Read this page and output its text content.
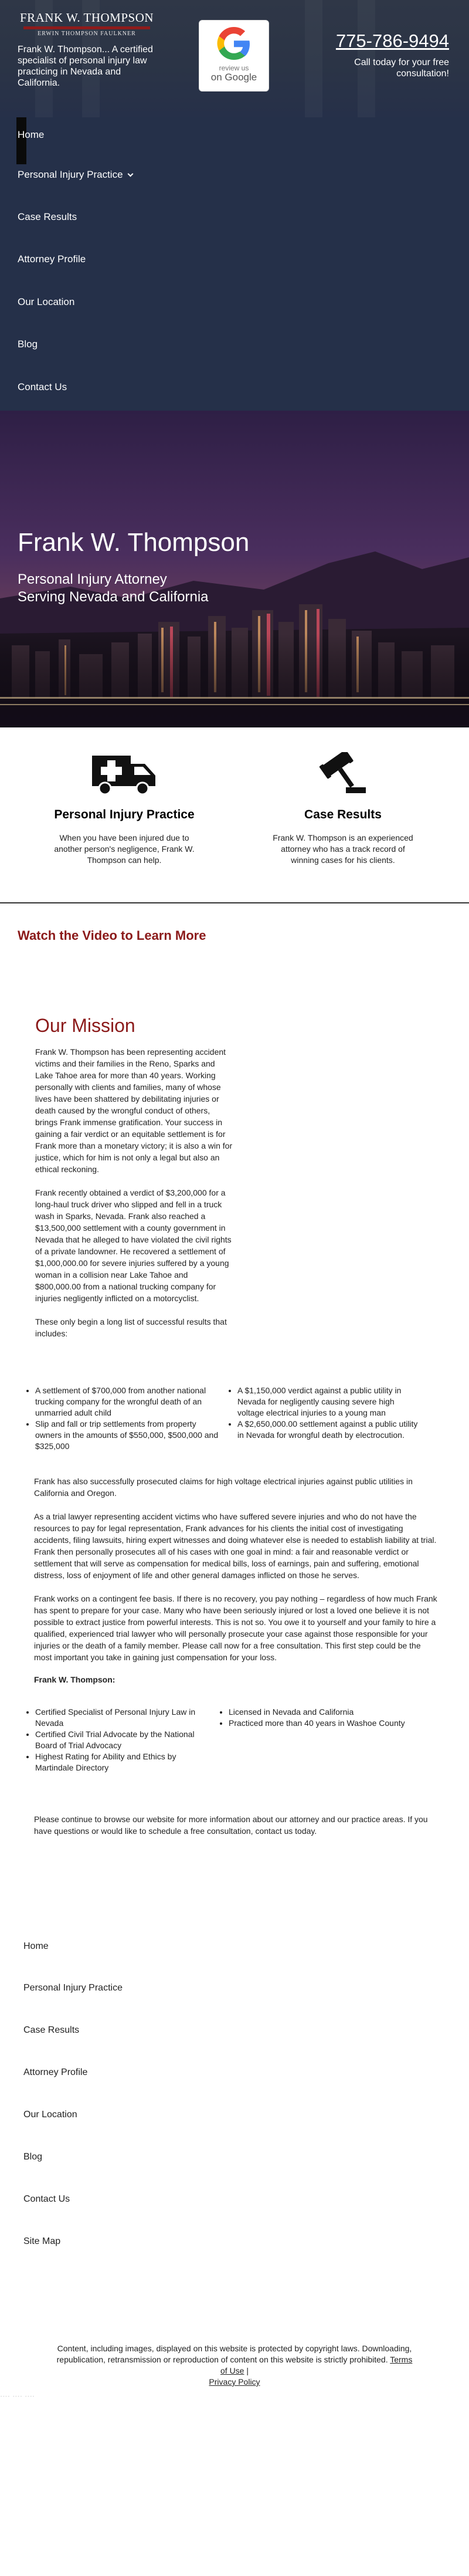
FRANK W. THOMPSON
ERWIN THOMPSON FAULKNER

Frank W. Thompson... A certified specialist of personal injury law practicing in Nevada and California.

review us
on Google
775-786-9494

Call today for your free consultation!

Home
Personal Injury Practice
Case Results
Attorney Profile
Our Location
Blog
Contact Us
Frank W. Thompson

Personal Injury Attorney

Serving Nevada and California

Personal Injury Practice

When you have been injured due to another person's negligence, Frank W. Thompson can help.

Case Results

Frank W. Thompson is an experienced attorney who has a track record of winning cases for his clients.

Watch the Video to Learn More
Our Mission

Frank W. Thompson has been representing accident victims and their families in the Reno, Sparks and Lake Tahoe area for more than 40 years. Working personally with clients and families, many of whose lives have been shattered by debilitating injuries or death caused by the wrongful conduct of others, brings Frank immense gratification. Your success in gaining a fair verdict or an equitable settlement is for Frank more than a monetary victory; it is also a win for justice, which for him is not only a legal but also an ethical reckoning.

Frank recently obtained a verdict of $3,200,000 for a long-haul truck driver who slipped and fell in a truck wash in Sparks, Nevada. Frank also reached a $13,500,000 settlement with a county government in Nevada that he alleged to have violated the civil rights of a private landowner. He recovered a settlement of $1,000,000.00 for severe injuries suffered by a young woman in a collision near Lake Tahoe and $800,000.00 from a national trucking company for injuries negligently inflicted on a motorcyclist.

These only begin a long list of successful results that includes:

• A settlement of $700,000 from another national trucking company for the wrongful death of an unmarried adult child
• Slip and fall or trip settlements from property owners in the amounts of $550,000, $500,000 and $325,000
• A $1,150,000 verdict against a public utility in Nevada for negligently causing severe high voltage electrical injuries to a young man
• A $2,650,000.00 settlement against a public utility in Nevada for wrongful death by electrocution.

Frank has also successfully prosecuted claims for high voltage electrical injuries against public utilities in California and Oregon.

As a trial lawyer representing accident victims who have suffered severe injuries and who do not have the resources to pay for legal representation, Frank advances for his clients the initial cost of investigating accidents, filing lawsuits, hiring expert witnesses and doing whatever else is needed to establish liability at trial. Frank then personally prosecutes all of his cases with one goal in mind: a fair and reasonable verdict or settlement that will serve as compensation for medical bills, loss of earnings, pain and suffering, emotional distress, loss of enjoyment of life and other general damages inflicted on those he serves.

Frank works on a contingent fee basis. If there is no recovery, you pay nothing – regardless of how much Frank has spent to prepare for your case. Many who have been seriously injured or lost a loved one believe it is not possible to extract justice from powerful interests. This is not so. You owe it to yourself and your family to hire a qualified, experienced trial lawyer who will personally prosecute your case against those responsible for your injuries or the death of a family member. Please call now for a free consultation. This first step could be the most important you take in gaining just compensation for your loss.

Frank W. Thompson:

• Certified Specialist of Personal Injury Law in Nevada
• Certified Civil Trial Advocate by the National Board of Trial Advocacy
• Highest Rating for Ability and Ethics by Martindale Directory
• Licensed in Nevada and California
• Practiced more than 40 years in Washoe County

Please continue to browse our website for more information about our attorney and our practice areas. If you have questions or would like to schedule a free consultation, contact us today.

Home
Personal Injury Practice
Case Results
Attorney Profile
Our Location
Blog
Contact Us
Site Map

Content, including images, displayed on this website is protected by copyright laws. Downloading, republication, retransmission or reproduction of content on this website is strictly prohibited. Terms of Use |
Privacy Policy

---- ---- ----
